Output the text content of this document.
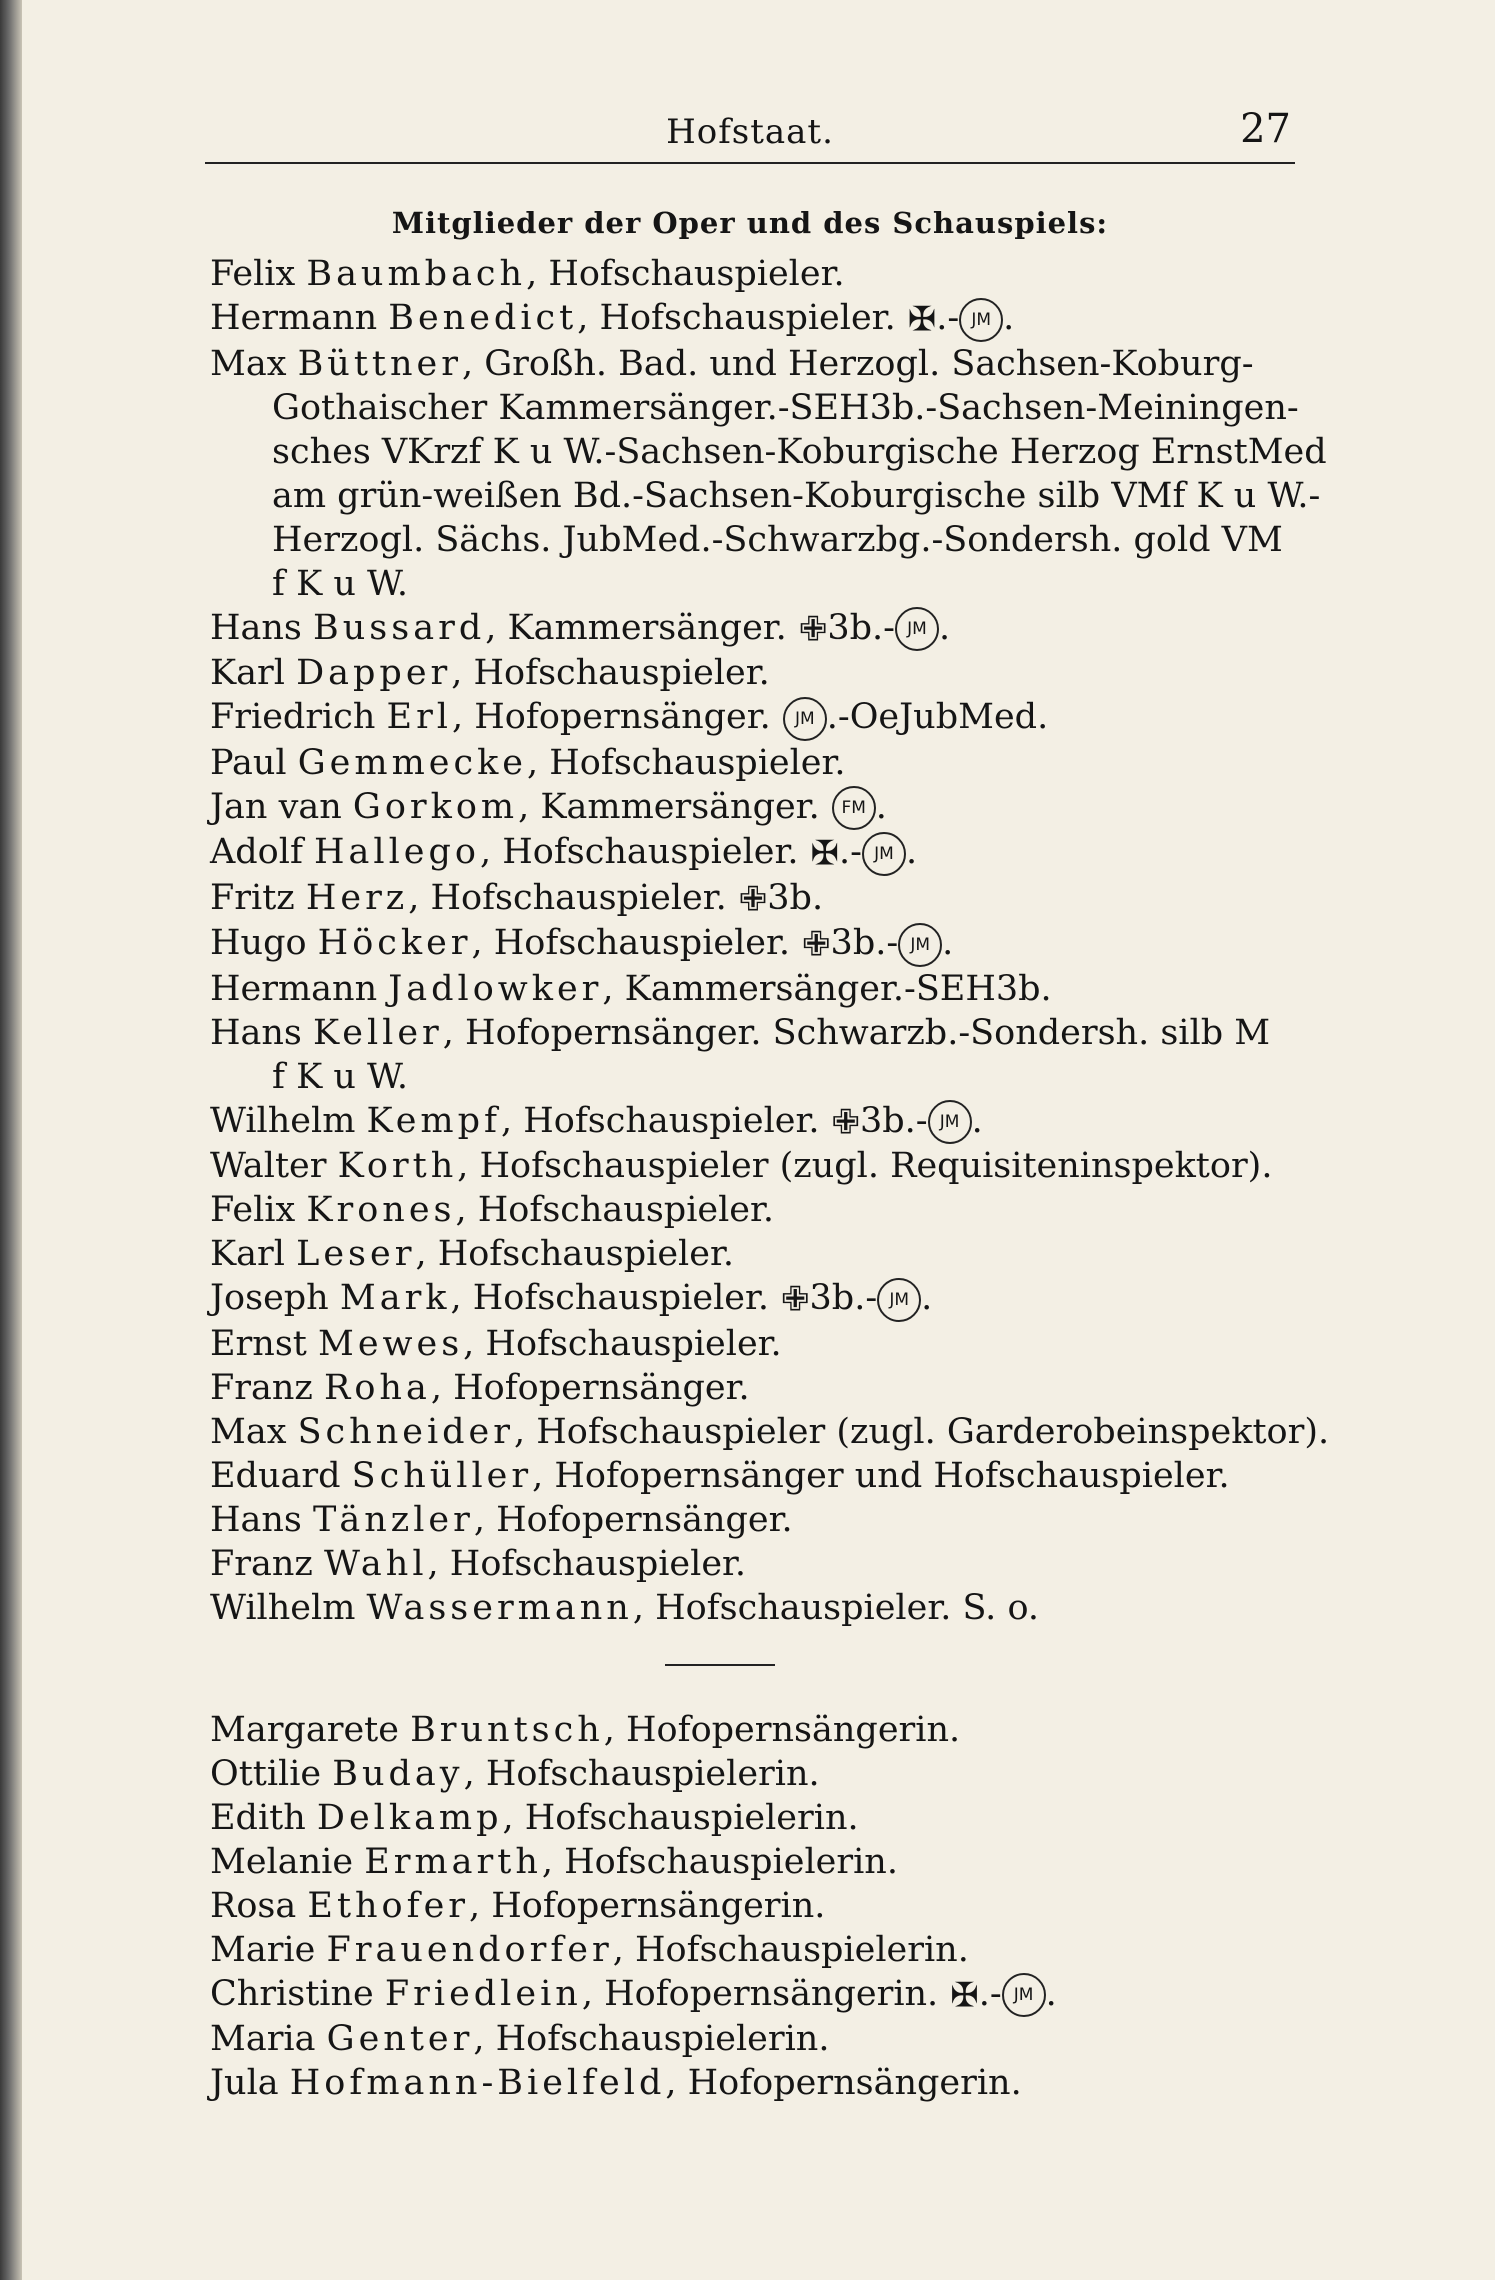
Hofstaat.	27
Mitglieder der Oper und des Schauspiels:

Felix Baumbach, Hofschauspieler.

Hermann Benedict, Hofschauspieler. ✠.- JM .

Max Büttner, Großh. Bad. und Herzogl. Sachsen-Koburg-

Gothaischer Kammersänger.-SEH3b.-Sachsen-Meiningen-

sches VKrzf K u W.-Sachsen-Koburgische Herzog ErnstMed

am grün-weißen Bd.-Sachsen-Koburgische silb VMf K u W.-

Herzogl. Sächs. JubMed.-Schwarzbg.-Sondersh. gold VM

f K u W.

Hans Bussard, Kammersänger. ✙3b.- JM .

Karl Dapper, Hofschauspieler.

Friedrich Erl, Hofopernsänger. JM .-OeJubMed.

Paul Gemmecke, Hofschauspieler.

Jan van Gorkom, Kammersänger. FM .

Adolf Hallego, Hofschauspieler. ✠.- JM .

Fritz Herz, Hofschauspieler. ✙3b.

Hugo Höcker, Hofschauspieler. ✙3b.- JM .

Hermann Jadlowker, Kammersänger.-SEH3b.

Hans Keller, Hofopernsänger. Schwarzb.-Sondersh. silb M

f K u W.

Wilhelm Kempf, Hofschauspieler. ✙3b.- JM .

Walter Korth, Hofschauspieler (zugl. Requisiteninspektor).

Felix Krones, Hofschauspieler.

Karl Leser, Hofschauspieler.

Joseph Mark, Hofschauspieler. ✙3b.- JM .

Ernst Mewes, Hofschauspieler.

Franz Roha, Hofopernsänger.

Max Schneider, Hofschauspieler (zugl. Garderobeinspektor).

Eduard Schüller, Hofopernsänger und Hofschauspieler.

Hans Tänzler, Hofopernsänger.

Franz Wahl, Hofschauspieler.

Wilhelm Wassermann, Hofschauspieler. S. o.

Margarete Bruntsch, Hofopernsängerin.

Ottilie Buday, Hofschauspielerin.

Edith Delkamp, Hofschauspielerin.

Melanie Ermarth, Hofschauspielerin.

Rosa Ethofer, Hofopernsängerin.

Marie Frauendorfer, Hofschauspielerin.

Christine Friedlein, Hofopernsängerin. ✠.- JM .

Maria Genter, Hofschauspielerin.

Jula Hofmann-Bielfeld, Hofopernsängerin.
